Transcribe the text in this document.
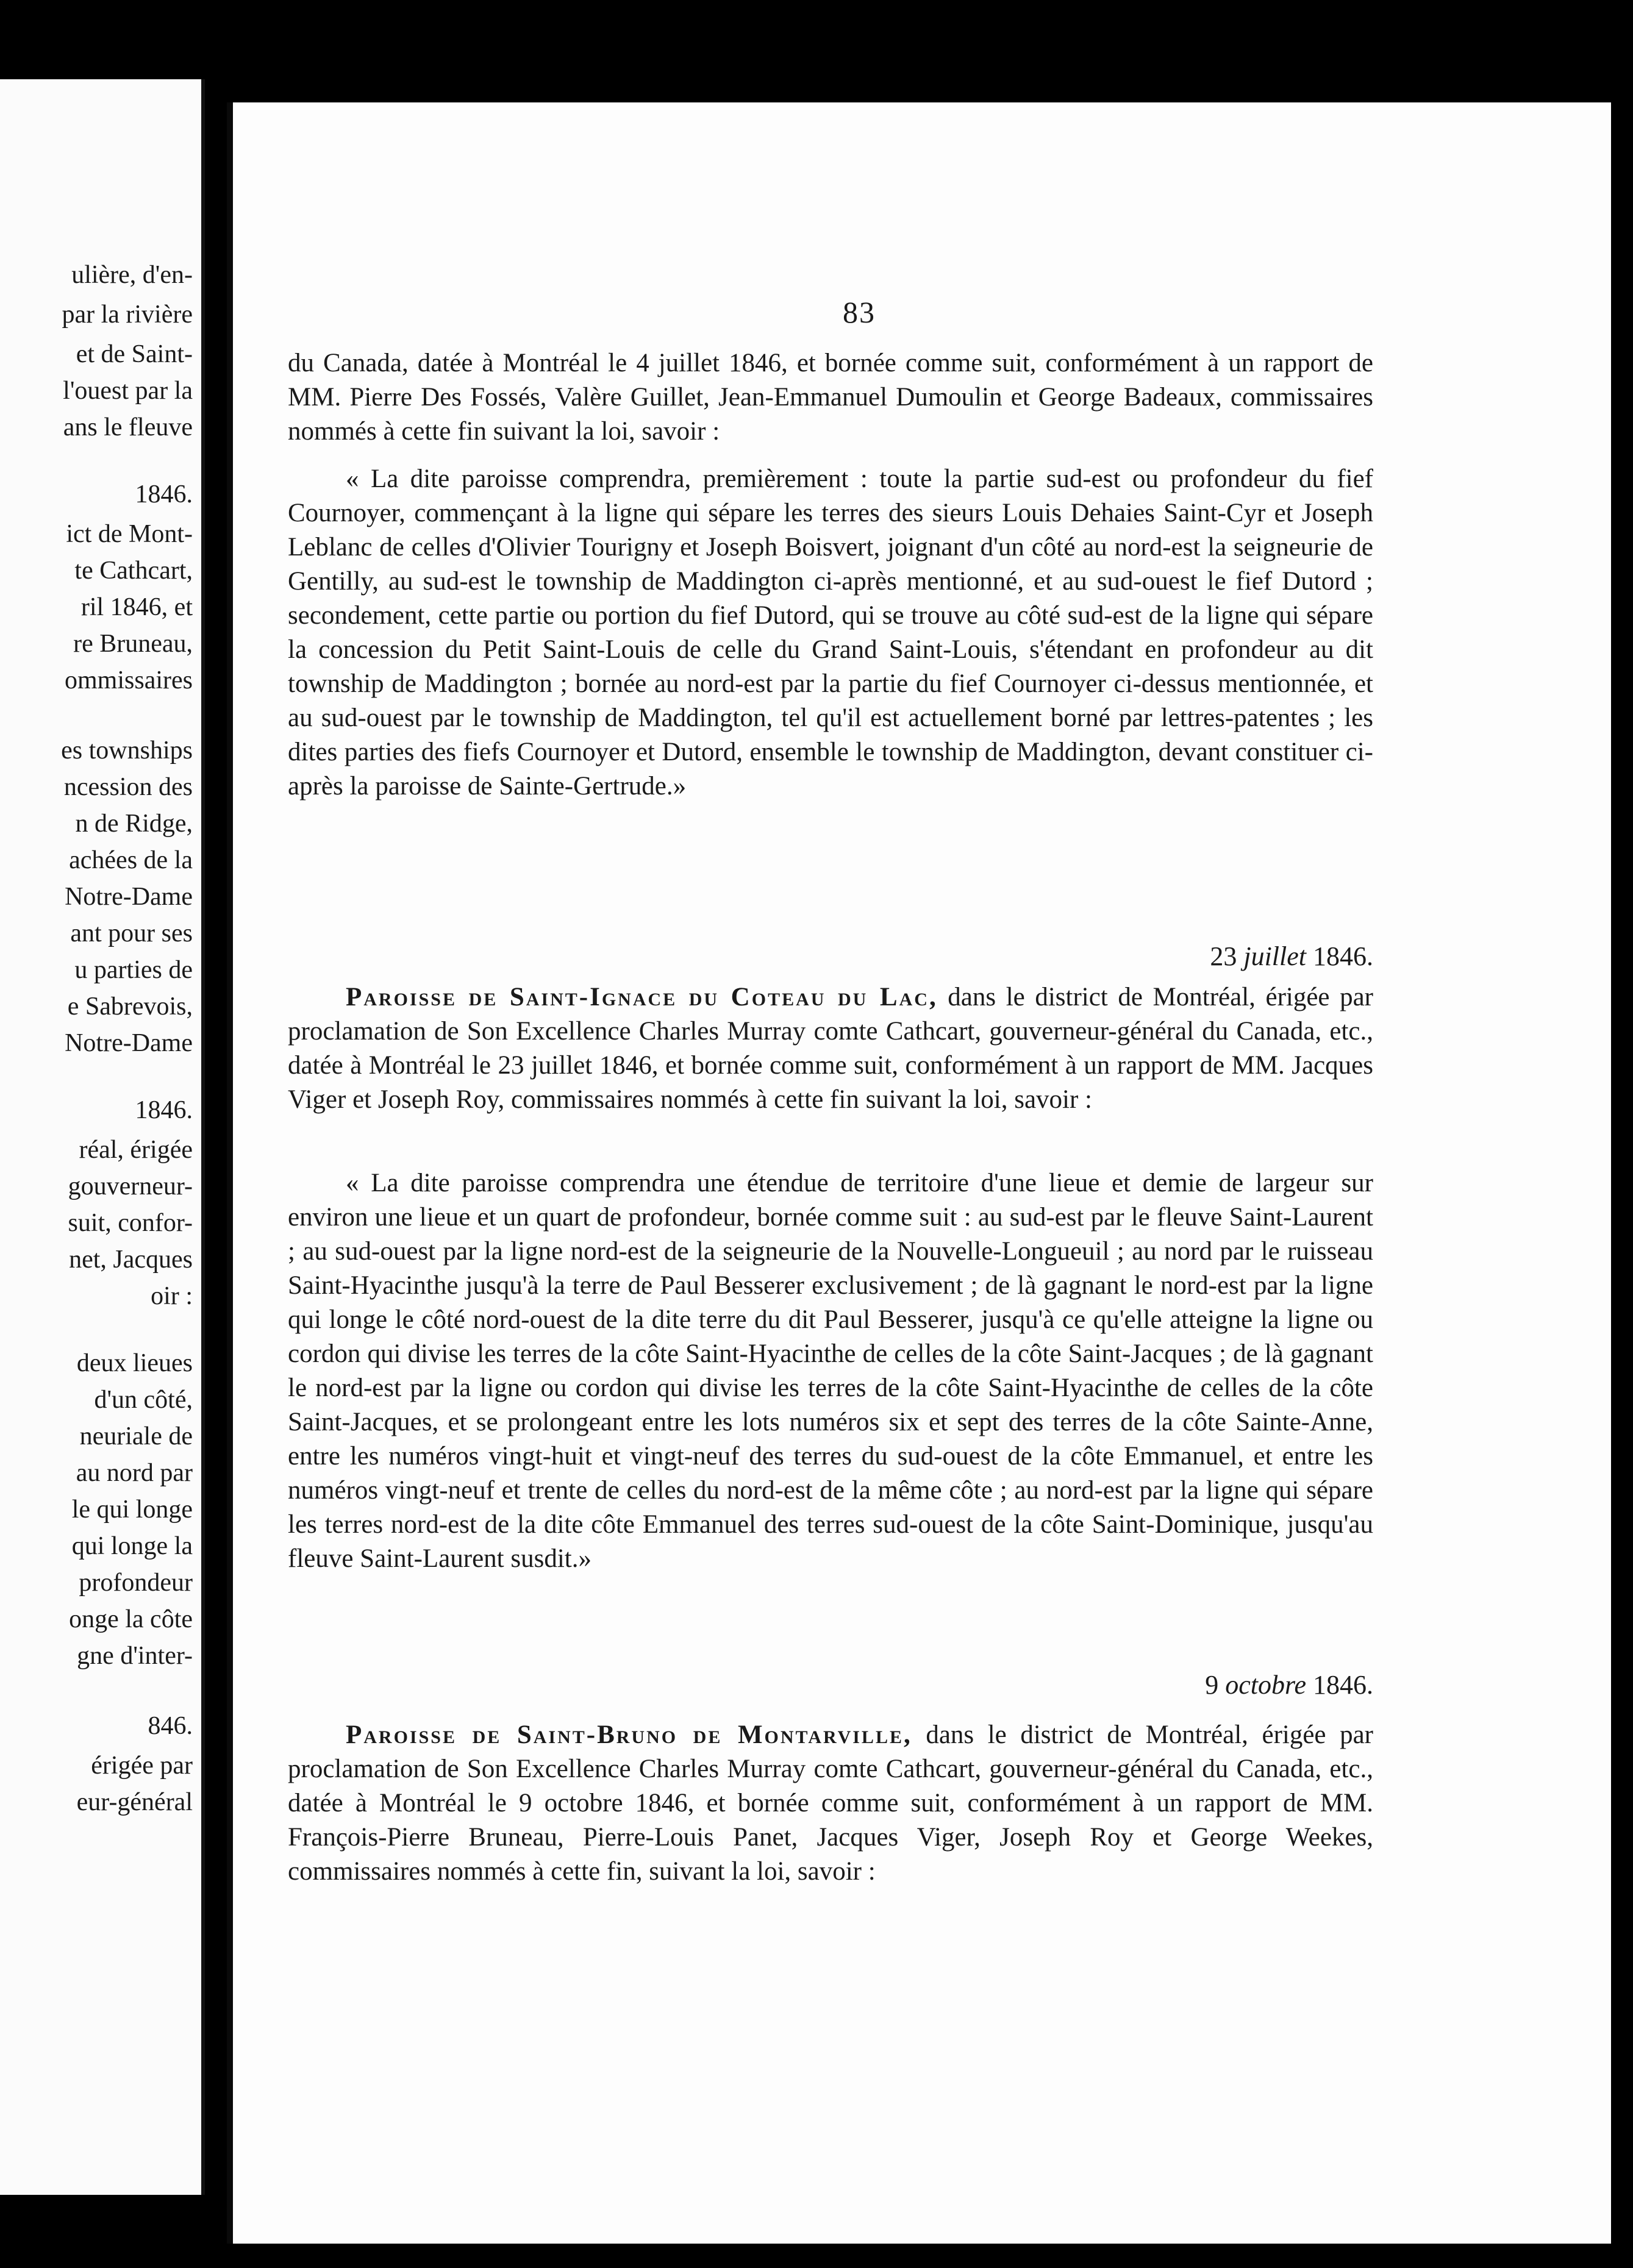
ulière, d'en-
par la rivière
et de Saint-
l'ouest par la
ans le fleuve
1846.
ict de Mont-
te Cathcart,
ril 1846, et
re Bruneau,
ommissaires
es townships
ncession des
n de Ridge,
achées de la
Notre-Dame
ant pour ses
u parties de
e Sabrevois,
Notre-Dame
1846.
réal, érigée
gouverneur-
suit, confor-
net, Jacques
oir :
deux lieues
d'un côté,
neuriale de
au nord par
le qui longe
qui longe la
profondeur
onge la côte
gne d'inter-
846.
érigée par
eur-général
83

du Canada, datée à Montréal le 4 juillet 1846, et bornée comme suit, conformément à un rapport de MM. Pierre Des Fossés, Valère Guillet, Jean-Emmanuel Dumoulin et George Badeaux, commissaires nommés à cette fin suivant la loi, savoir :

« La dite paroisse comprendra, premièrement : toute la partie sud-est ou profondeur du fief Cournoyer, commençant à la ligne qui sépare les terres des sieurs Louis Dehaies Saint-Cyr et Joseph Leblanc de celles d'Olivier Tourigny et Joseph Boisvert, joignant d'un côté au nord-est la seigneurie de Gentilly, au sud-est le township de Maddington ci-après mentionné, et au sud-ouest le fief Dutord ; secondement, cette partie ou portion du fief Dutord, qui se trouve au côté sud-est de la ligne qui sépare la concession du Petit Saint-Louis de celle du Grand Saint-Louis, s'étendant en profondeur au dit township de Maddington ; bornée au nord-est par la partie du fief Cournoyer ci-dessus mentionnée, et au sud-ouest par le township de Maddington, tel qu'il est actuellement borné par lettres-patentes ; les dites parties des fiefs Cournoyer et Dutord, ensemble le township de Maddington, devant constituer ci-après la paroisse de Sainte-Gertrude.»

23 juillet 1846.

Paroisse de Saint-Ignace du Coteau du Lac, dans le district de Montréal, érigée par proclamation de Son Excellence Charles Murray comte Cathcart, gouverneur-général du Canada, etc., datée à Montréal le 23 juillet 1846, et bornée comme suit, conformément à un rapport de MM. Jacques Viger et Joseph Roy, commissaires nommés à cette fin suivant la loi, savoir :

« La dite paroisse comprendra une étendue de territoire d'une lieue et demie de largeur sur environ une lieue et un quart de profondeur, bornée comme suit : au sud-est par le fleuve Saint-Laurent ; au sud-ouest par la ligne nord-est de la seigneurie de la Nouvelle-Longueuil ; au nord par le ruisseau Saint-Hyacinthe jusqu'à la terre de Paul Besserer exclusivement ; de là gagnant le nord-est par la ligne qui longe le côté nord-ouest de la dite terre du dit Paul Besserer, jusqu'à ce qu'elle atteigne la ligne ou cordon qui divise les terres de la côte Saint-Hyacinthe de celles de la côte Saint-Jacques ; de là gagnant le nord-est par la ligne ou cordon qui divise les terres de la côte Saint-Hyacinthe de celles de la côte Saint-Jacques, et se prolongeant entre les lots numéros six et sept des terres de la côte Sainte-Anne, entre les numéros vingt-huit et vingt-neuf des terres du sud-ouest de la côte Emmanuel, et entre les numéros vingt-neuf et trente de celles du nord-est de la même côte ; au nord-est par la ligne qui sépare les terres nord-est de la dite côte Emmanuel des terres sud-ouest de la côte Saint-Dominique, jusqu'au fleuve Saint-Laurent susdit.»

9 octobre 1846.

Paroisse de Saint-Bruno de Montarville, dans le district de Montréal, érigée par proclamation de Son Excellence Charles Murray comte Cathcart, gouverneur-général du Canada, etc., datée à Montréal le 9 octobre 1846, et bornée comme suit, conformément à un rapport de MM. François-Pierre Bruneau, Pierre-Louis Panet, Jacques Viger, Joseph Roy et George Weekes, commissaires nommés à cette fin, suivant la loi, savoir :
